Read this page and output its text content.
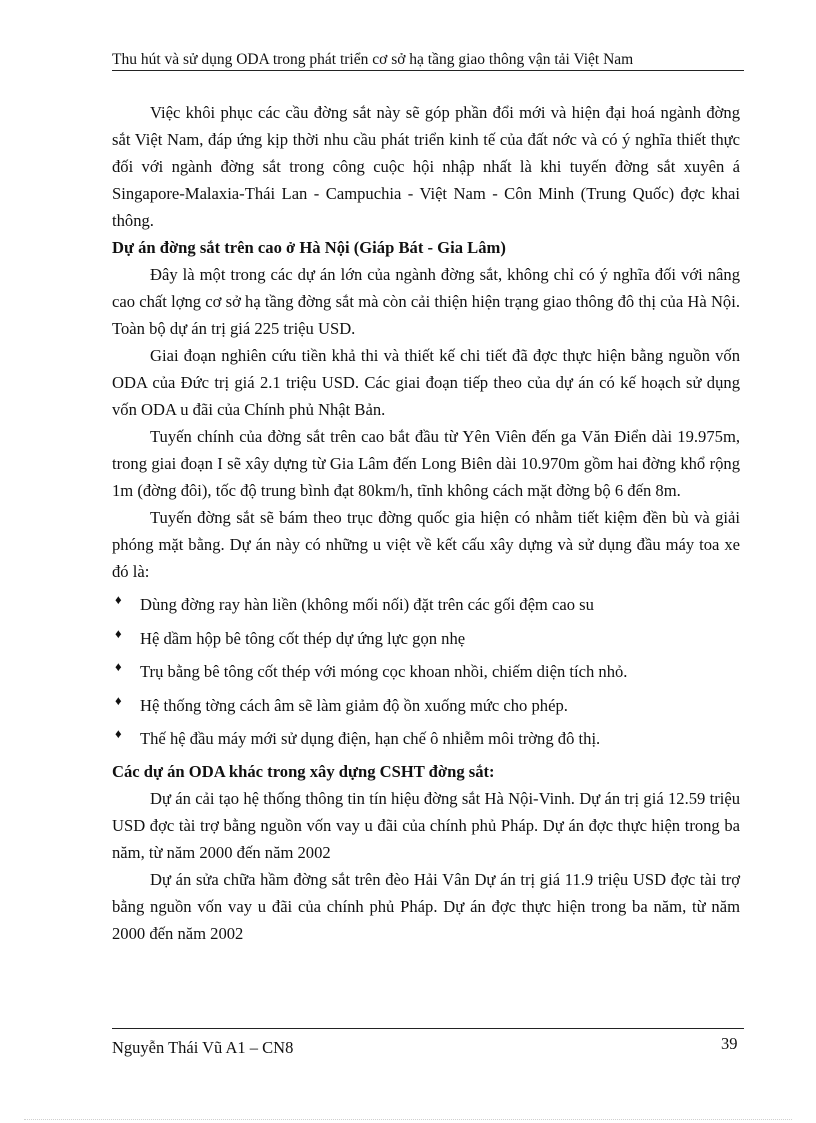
Thu hút và sử dụng ODA trong phát triển cơ sở hạ tầng giao thông vận tải Việt Nam

Việc khôi phục các cầu đờng sắt này sẽ góp phần đổi mới và hiện đại hoá ngành đờng sắt Việt Nam, đáp ứng kịp thời nhu cầu phát triển kinh tế của đất nớc và có ý nghĩa thiết thực đối với ngành đờng sắt trong công cuộc hội nhập nhất là khi tuyến đờng sắt xuyên á Singapore-Malaxia-Thái Lan - Campuchia - Việt Nam - Côn Minh (Trung Quốc) đợc khai thông.

Dự án đờng sắt trên cao ở Hà Nội (Giáp Bát - Gia Lâm)

Đây là một trong các dự án lớn của ngành đờng sắt, không chỉ có ý nghĩa đối với nâng cao chất lợng cơ sở hạ tầng đờng sắt mà còn cải thiện hiện trạng giao thông đô thị của Hà Nội. Toàn bộ dự án trị giá 225 triệu USD.

Giai đoạn nghiên cứu tiền khả thi và thiết kế chi tiết đã đợc thực hiện bằng nguồn vốn ODA của Đức trị giá 2.1 triệu USD. Các giai đoạn tiếp theo của dự án có kế hoạch sử dụng vốn ODA u đãi của Chính phủ Nhật Bản.

Tuyến chính của đờng sắt trên cao bắt đầu từ Yên Viên đến ga Văn Điển dài 19.975m, trong giai đoạn I sẽ xây dựng từ Gia Lâm đến Long Biên dài 10.970m gồm hai đờng khổ rộng 1m (đờng đôi), tốc độ trung bình đạt 80km/h, tĩnh không cách mặt đờng bộ 6 đến 8m.

Tuyến đờng sắt sẽ bám theo trục đờng quốc gia hiện có nhằm tiết kiệm đền bù và giải phóng mặt bằng. Dự án này có những u việt về kết cấu xây dựng và sử dụng đầu máy toa xe đó là:

♦ Dùng đờng ray hàn liền (không mối nối) đặt trên các gối đệm cao su
♦ Hệ dầm hộp bê tông cốt thép dự ứng lực gọn nhẹ
♦ Trụ bằng bê tông cốt thép với móng cọc khoan nhồi, chiếm diện tích nhỏ.
♦ Hệ thống tờng cách âm sẽ làm giảm độ ồn xuống mức cho phép.
♦ Thế hệ đầu máy mới sử dụng điện, hạn chế ô nhiễm môi trờng đô thị.
Các dự án ODA khác trong xây dựng CSHT đờng sắt:

Dự án cải tạo hệ thống thông tin tín hiệu đờng sắt Hà Nội-Vinh. Dự án trị giá 12.59 triệu USD đợc tài trợ bằng nguồn vốn vay u đãi của chính phủ Pháp. Dự án đợc thực hiện trong ba năm, từ năm 2000 đến năm 2002

Dự án sửa chữa hầm đờng sắt trên đèo Hải Vân Dự án trị giá 11.9 triệu USD đợc tài trợ bằng nguồn vốn vay u đãi của chính phủ Pháp. Dự án đợc thực hiện trong ba năm, từ năm 2000 đến năm 2002

Nguyễn Thái Vũ A1 – CN8	39
